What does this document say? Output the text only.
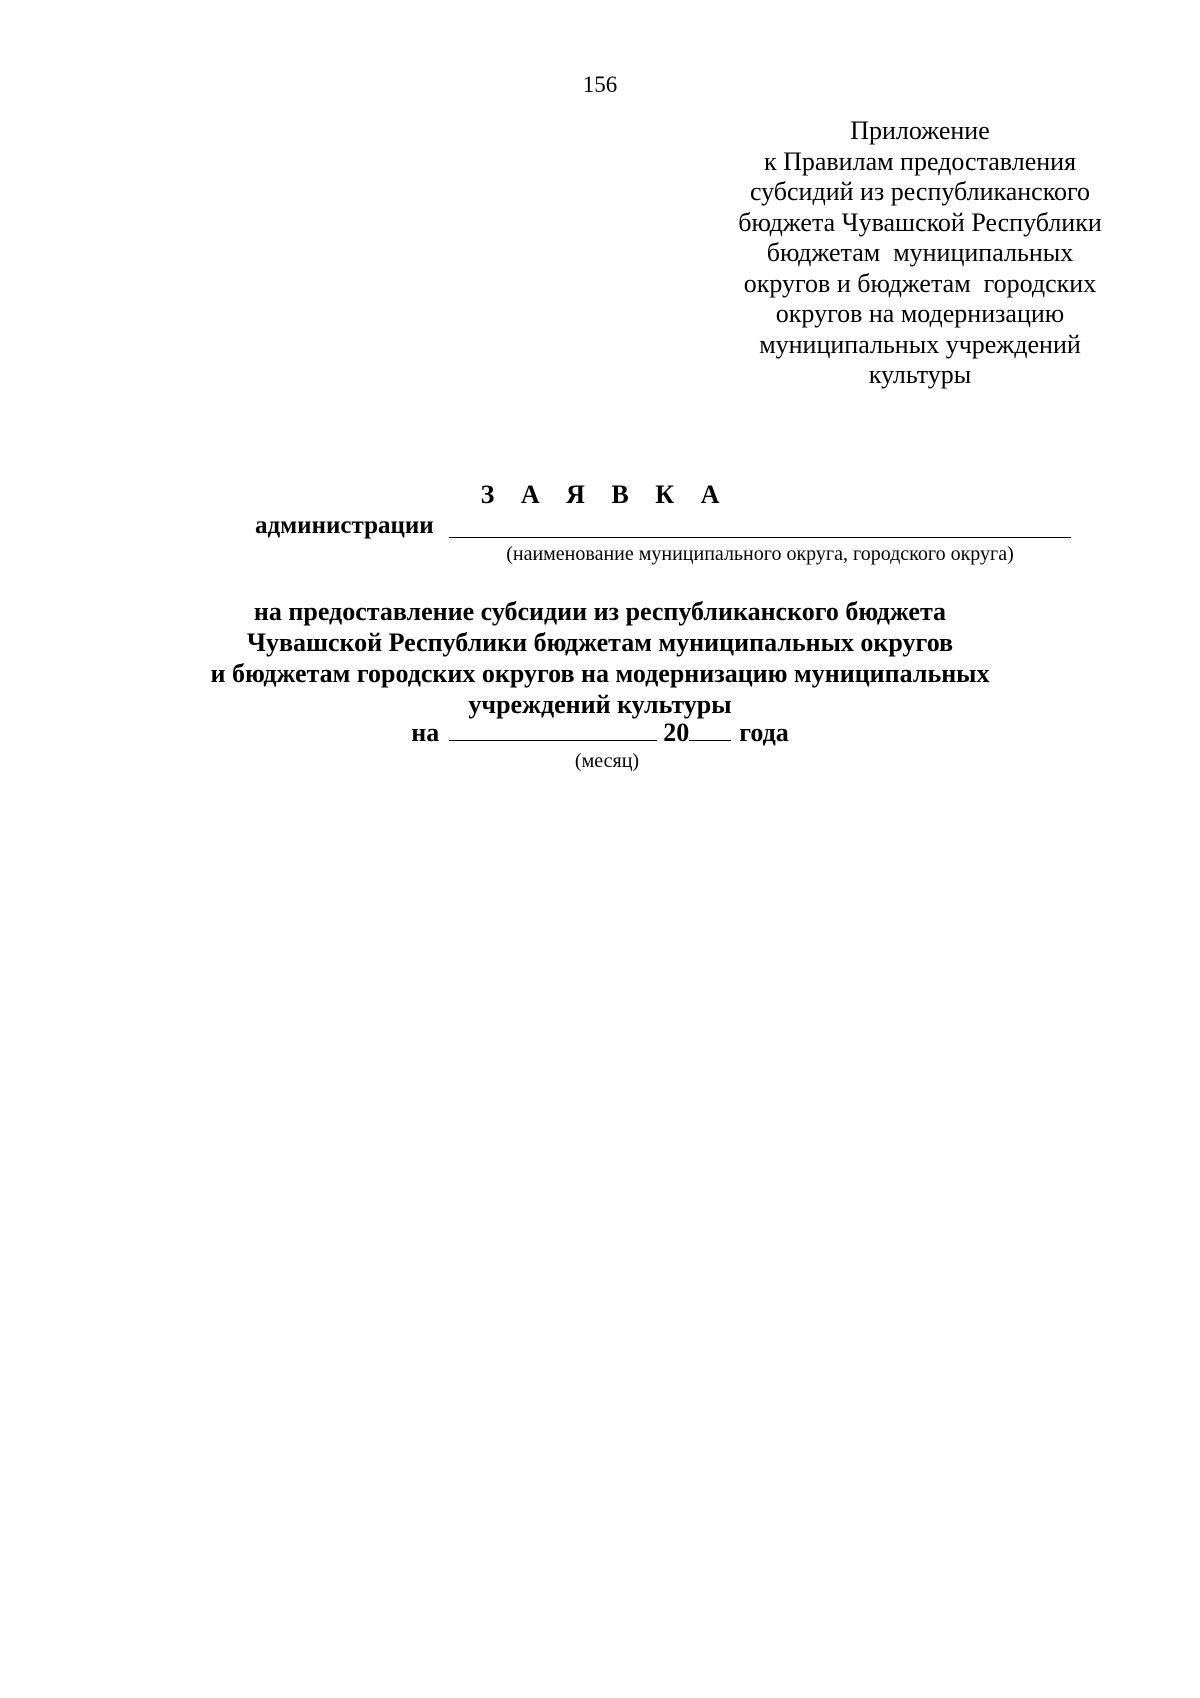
156
Приложение
к Правилам предоставления
субсидий из республиканского
бюджета Чувашской Республики
бюджетам  муниципальных
округов и бюджетам  городских
округов на модернизацию
муниципальных учреждений
культуры
З А Я В К А
администрации
(наименование муниципального округа, городского округа)
на предоставление субсидии из республиканского бюджета
Чувашской Республики бюджетам муниципальных округов
и бюджетам городских округов на модернизацию муниципальных
учреждений культуры
на	20 года
(месяц)
